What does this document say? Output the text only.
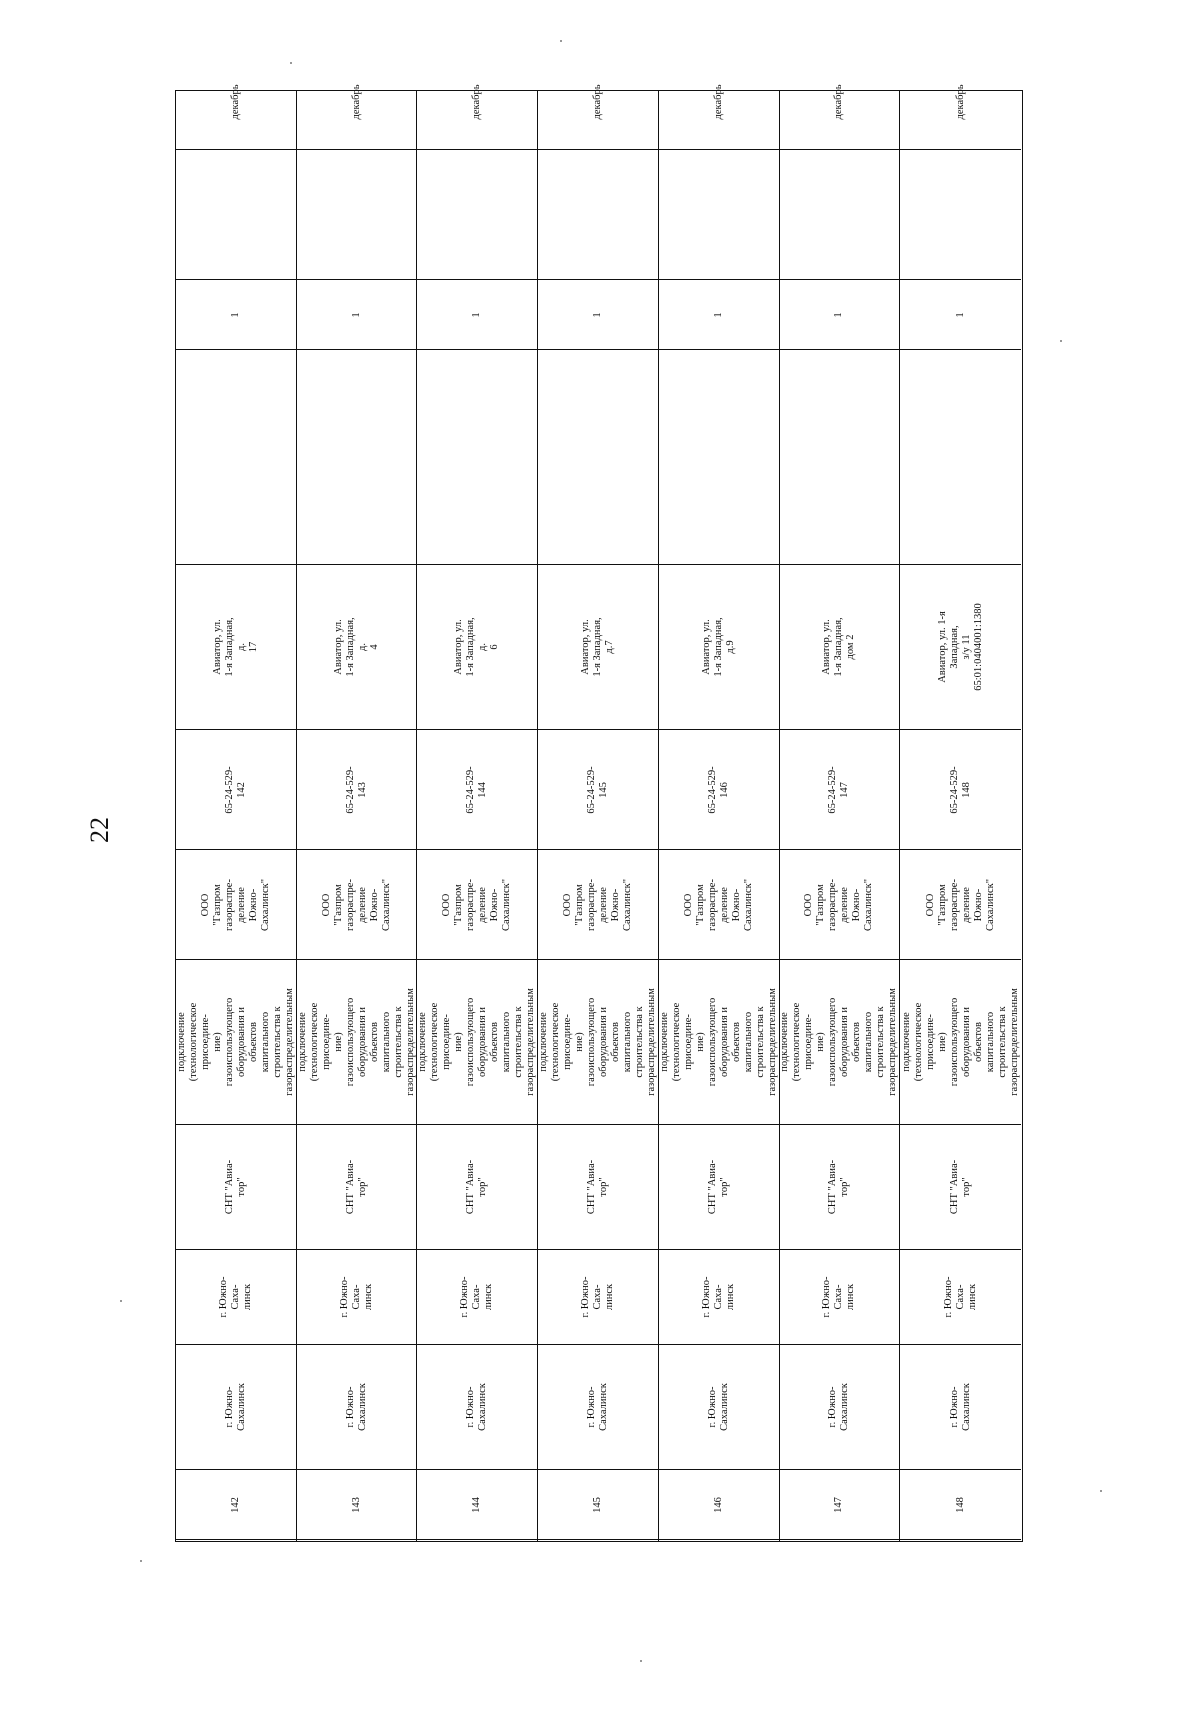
22
142
г. Южно-
Сахалинск
г. Южно-
Саха-
линск
СНТ "Авиа-
тор"
подключение
(технологическое присоедине-
ние) газоиспользующего
оборудования и объектов
капитального строительства к
газораспределительным
ООО
"Газпром
газораспре-
деление
Южно-
Сахалинск"
65-24-529-142
Авиатор, ул. 1-я Западная, д.
17
1
декабрь
143
г. Южно-
Сахалинск
г. Южно-
Саха-
линск
СНТ "Авиа-
тор"
подключение
(технологическое присоедине-
ние) газоиспользующего
оборудования и объектов
капитального строительства к
газораспределительным
ООО
"Газпром
газораспре-
деление
Южно-
Сахалинск"
65-24-529-143
Авиатор, ул. 1-я Западная, д.
4
1
декабрь
144
г. Южно-
Сахалинск
г. Южно-
Саха-
линск
СНТ "Авиа-
тор"
подключение
(технологическое присоедине-
ние) газоиспользующего
оборудования и объектов
капитального строительства к
газораспределительным
ООО
"Газпром
газораспре-
деление
Южно-
Сахалинск"
65-24-529-144
Авиатор, ул. 1-я Западная, д.
6
1
декабрь
145
г. Южно-
Сахалинск
г. Южно-
Саха-
линск
СНТ "Авиа-
тор"
подключение
(технологическое присоедине-
ние) газоиспользующего
оборудования и объектов
капитального строительства к
газораспределительным
ООО
"Газпром
газораспре-
деление
Южно-
Сахалинск"
65-24-529-145
Авиатор, ул. 1-я Западная,
д.7
1
декабрь
146
г. Южно-
Сахалинск
г. Южно-
Саха-
линск
СНТ "Авиа-
тор"
подключение
(технологическое присоедине-
ние) газоиспользующего
оборудования и объектов
капитального строительства к
газораспределительным
ООО
"Газпром
газораспре-
деление
Южно-
Сахалинск"
65-24-529-146
Авиатор, ул. 1-я Западная,
д.9
1
декабрь
147
г. Южно-
Сахалинск
г. Южно-
Саха-
линск
СНТ "Авиа-
тор"
подключение
(технологическое присоедине-
ние) газоиспользующего
оборудования и объектов
капитального строительства к
газораспределительным
ООО
"Газпром
газораспре-
деление
Южно-
Сахалинск"
65-24-529-147
Авиатор, ул. 1-я Западная,
дом 2
1
декабрь
148
г. Южно-
Сахалинск
г. Южно-
Саха-
линск
СНТ "Авиа-
тор"
подключение
(технологическое присоедине-
ние) газоиспользующего
оборудования и объектов
капитального строительства к
газораспределительным
ООО
"Газпром
газораспре-
деление
Южно-
Сахалинск"
65-24-529-148
Авиатор, ул. 1-я Западная,
з/у 11
65:01:0404001:1380
1
декабрь
